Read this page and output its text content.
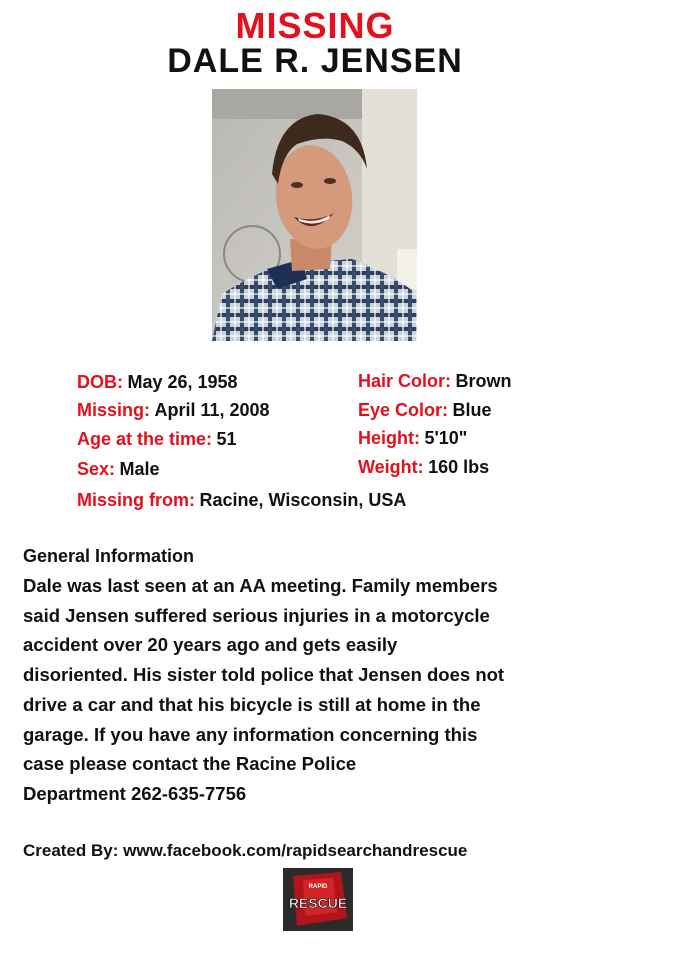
MISSING
DALE R. JENSEN
DOB: May 26, 1958
Missing: April 11, 2008
Age at the time: 51
Sex: Male
Missing from: Racine, Wisconsin, USA
Hair Color: Brown
Eye Color: Blue
Height: 5'10"
Weight: 160 lbs
General Information
Dale was last seen at an AA meeting. Family members
said Jensen suffered serious injuries in a motorcycle
accident over 20 years ago and gets easily
disoriented. His sister told police that Jensen does not
drive a car and that his bicycle is still at home in the
garage. If you have any information concerning this
case please contact the Racine Police
Department 262-635-7756
Created By: www.facebook.com/rapidsearchandrescue
RAPID
RESCUE
